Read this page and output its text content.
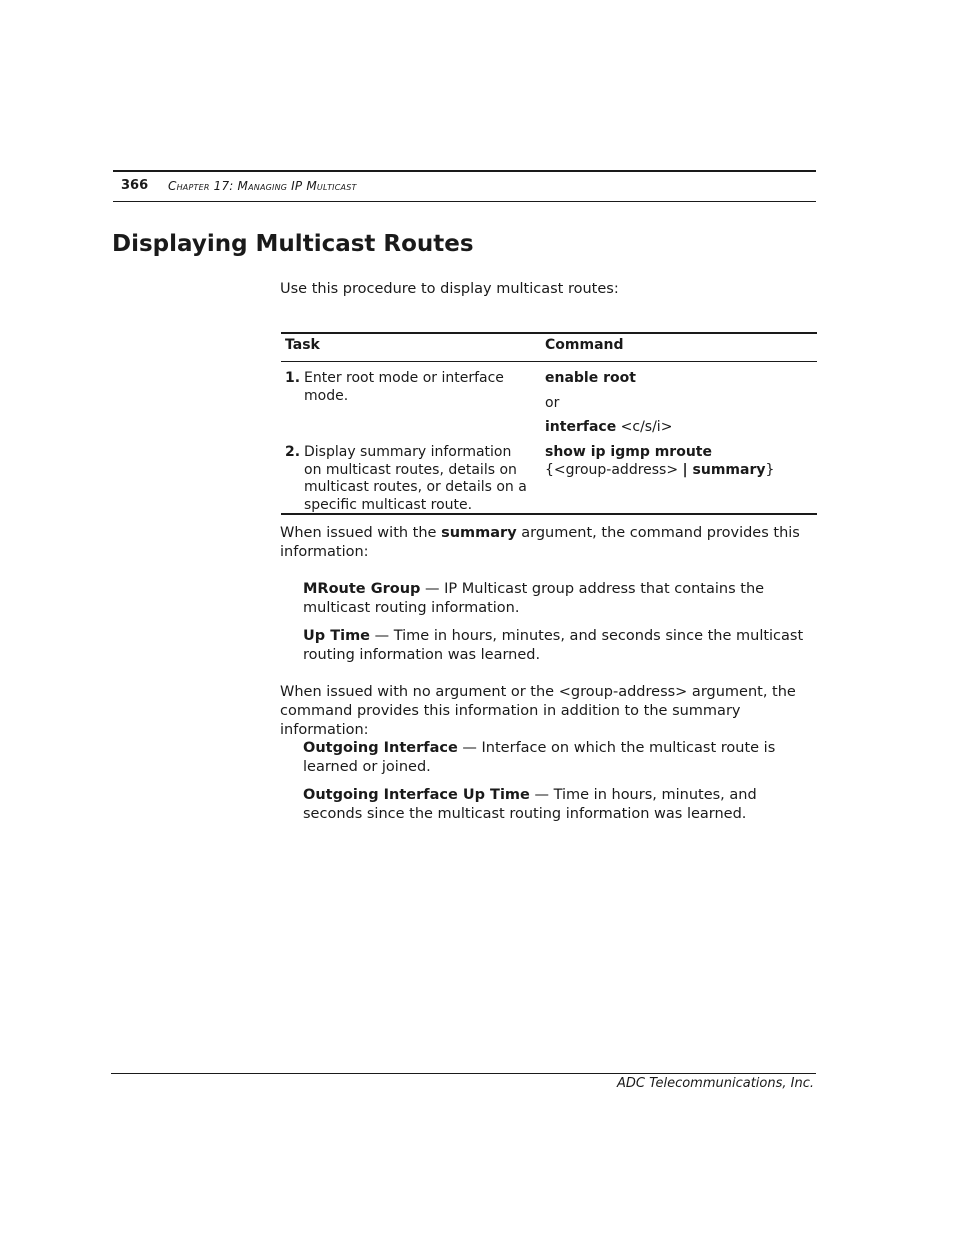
366 Chapter 17: Managing IP Multicast
Displaying Multicast Routes
Use this procedure to display multicast routes:
Task	Command
1. Enter root mode or interface mode.
enable root
or
interface <c/s/i>
2. Display summary information on multicast routes, details on multicast routes, or details on a specific multicast route.
show ip igmp mroute
{<group-address> | summary}
When issued with the summary argument, the command provides this information:
MRoute Group — IP Multicast group address that contains the multicast routing information.
Up Time — Time in hours, minutes, and seconds since the multicast routing information was learned.
When issued with no argument or the <group-address> argument, the command provides this information in addition to the summary information:
Outgoing Interface — Interface on which the multicast route is learned or joined.
Outgoing Interface Up Time — Time in hours, minutes, and seconds since the multicast routing information was learned.
ADC Telecommunications, Inc.
